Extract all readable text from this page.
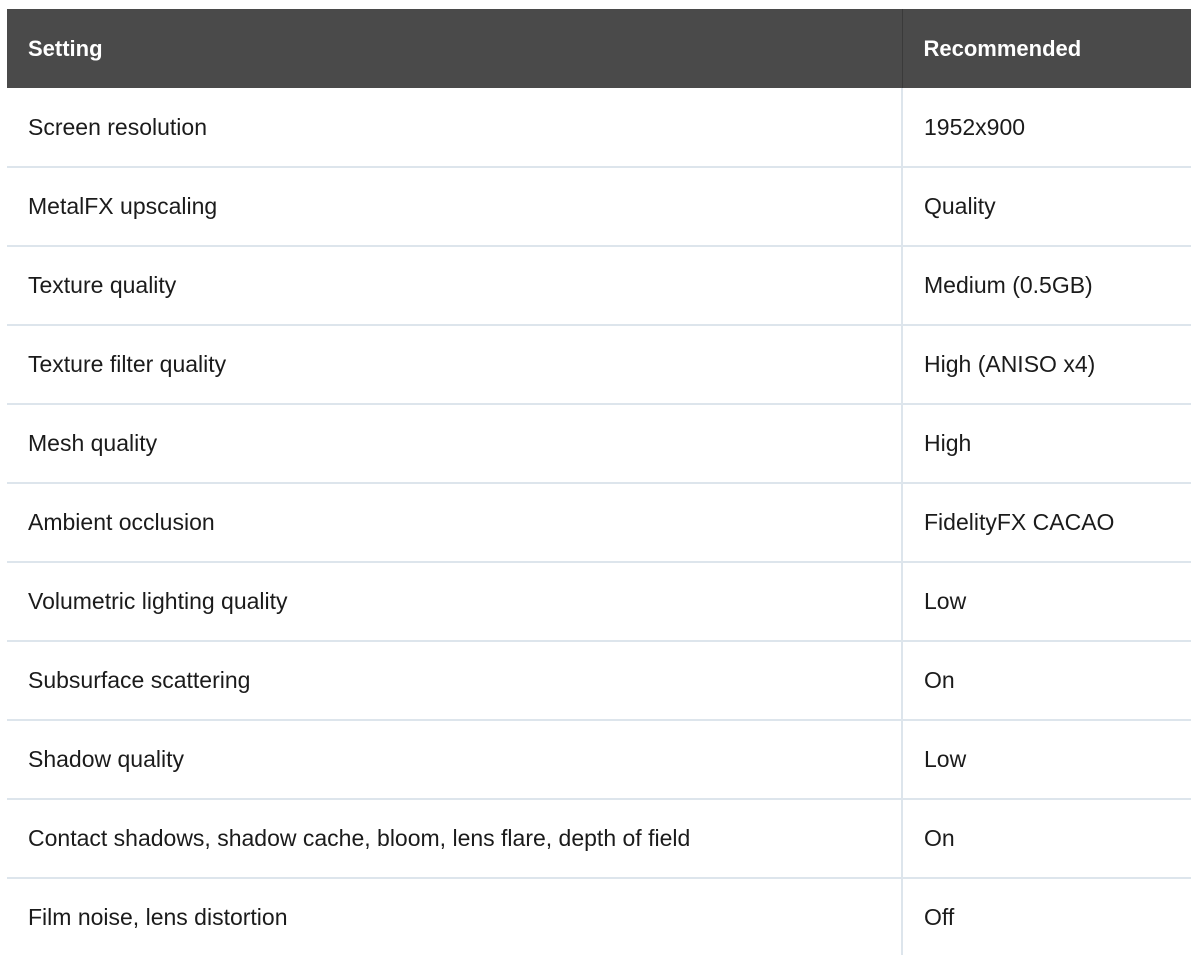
Setting	Recommended
Screen resolution	1952x900
MetalFX upscaling	Quality
Texture quality	Medium (0.5GB)
Texture filter quality	High (ANISO x4)
Mesh quality	High
Ambient occlusion	FidelityFX CACAO
Volumetric lighting quality	Low
Subsurface scattering	On
Shadow quality	Low
Contact shadows, shadow cache, bloom, lens flare, depth of field	On
Film noise, lens distortion	Off
